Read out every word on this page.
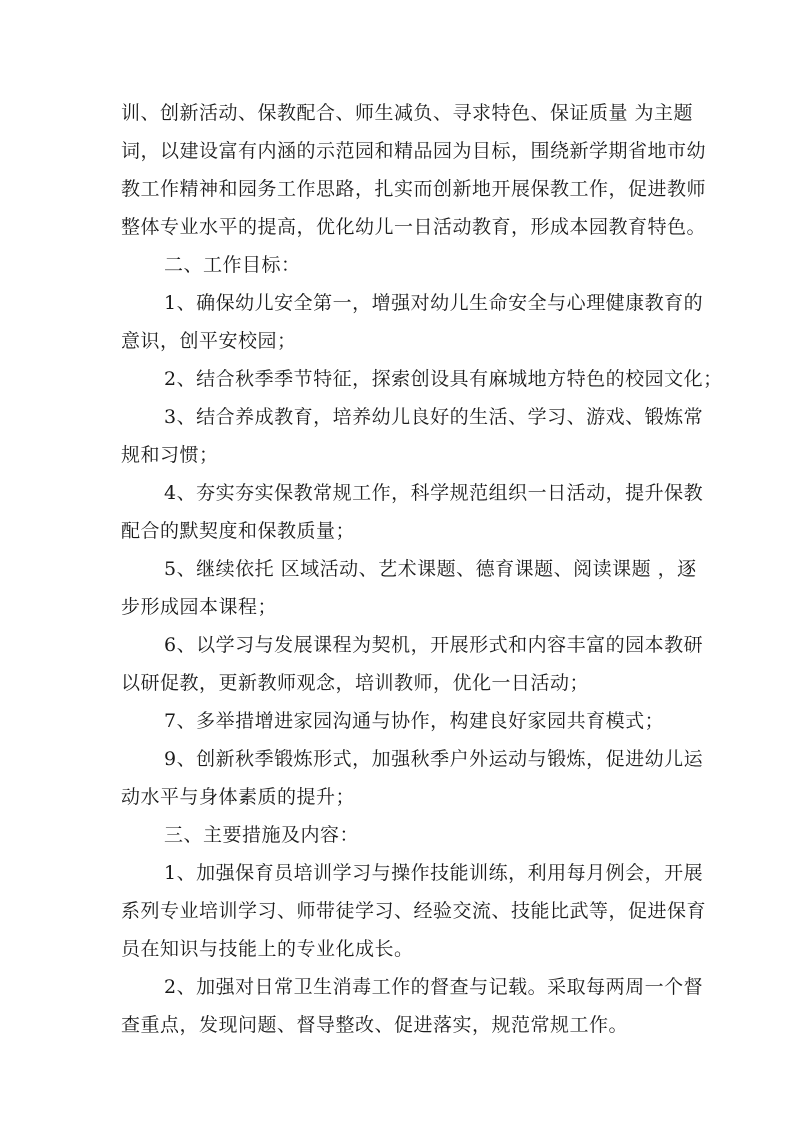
训、创新活动、保教配合、师生减负、寻求特色、保证质量 为主题
词，以建设富有内涵的示范园和精品园为目标，围绕新学期省地市幼
教工作精神和园务工作思路，扎实而创新地开展保教工作，促进教师
整体专业水平的提高，优化幼儿一日活动教育，形成本园教育特色。
二、工作目标：
1、确保幼儿安全第一，增强对幼儿生命安全与心理健康教育的
意识，创平安校园；
2、结合秋季季节特征，探索创设具有麻城地方特色的校园文化；
3、结合养成教育，培养幼儿良好的生活、学习、游戏、锻炼常
规和习惯；
4、夯实夯实保教常规工作，科学规范组织一日活动，提升保教
配合的默契度和保教质量；
5、继续依托 区域活动、艺术课题、德育课题、阅读课题 ，逐
步形成园本课程；
6、以学习与发展课程为契机，开展形式和内容丰富的园本教研
以研促教，更新教师观念，培训教师，优化一日活动；
7、多举措增进家园沟通与协作，构建良好家园共育模式；
9、创新秋季锻炼形式，加强秋季户外运动与锻炼，促进幼儿运
动水平与身体素质的提升；
三、主要措施及内容：
1、加强保育员培训学习与操作技能训练，利用每月例会，开展
系列专业培训学习、师带徒学习、经验交流、技能比武等，促进保育
员在知识与技能上的专业化成长。
2、加强对日常卫生消毒工作的督查与记载。采取每两周一个督
查重点，发现问题、督导整改、促进落实，规范常规工作。
